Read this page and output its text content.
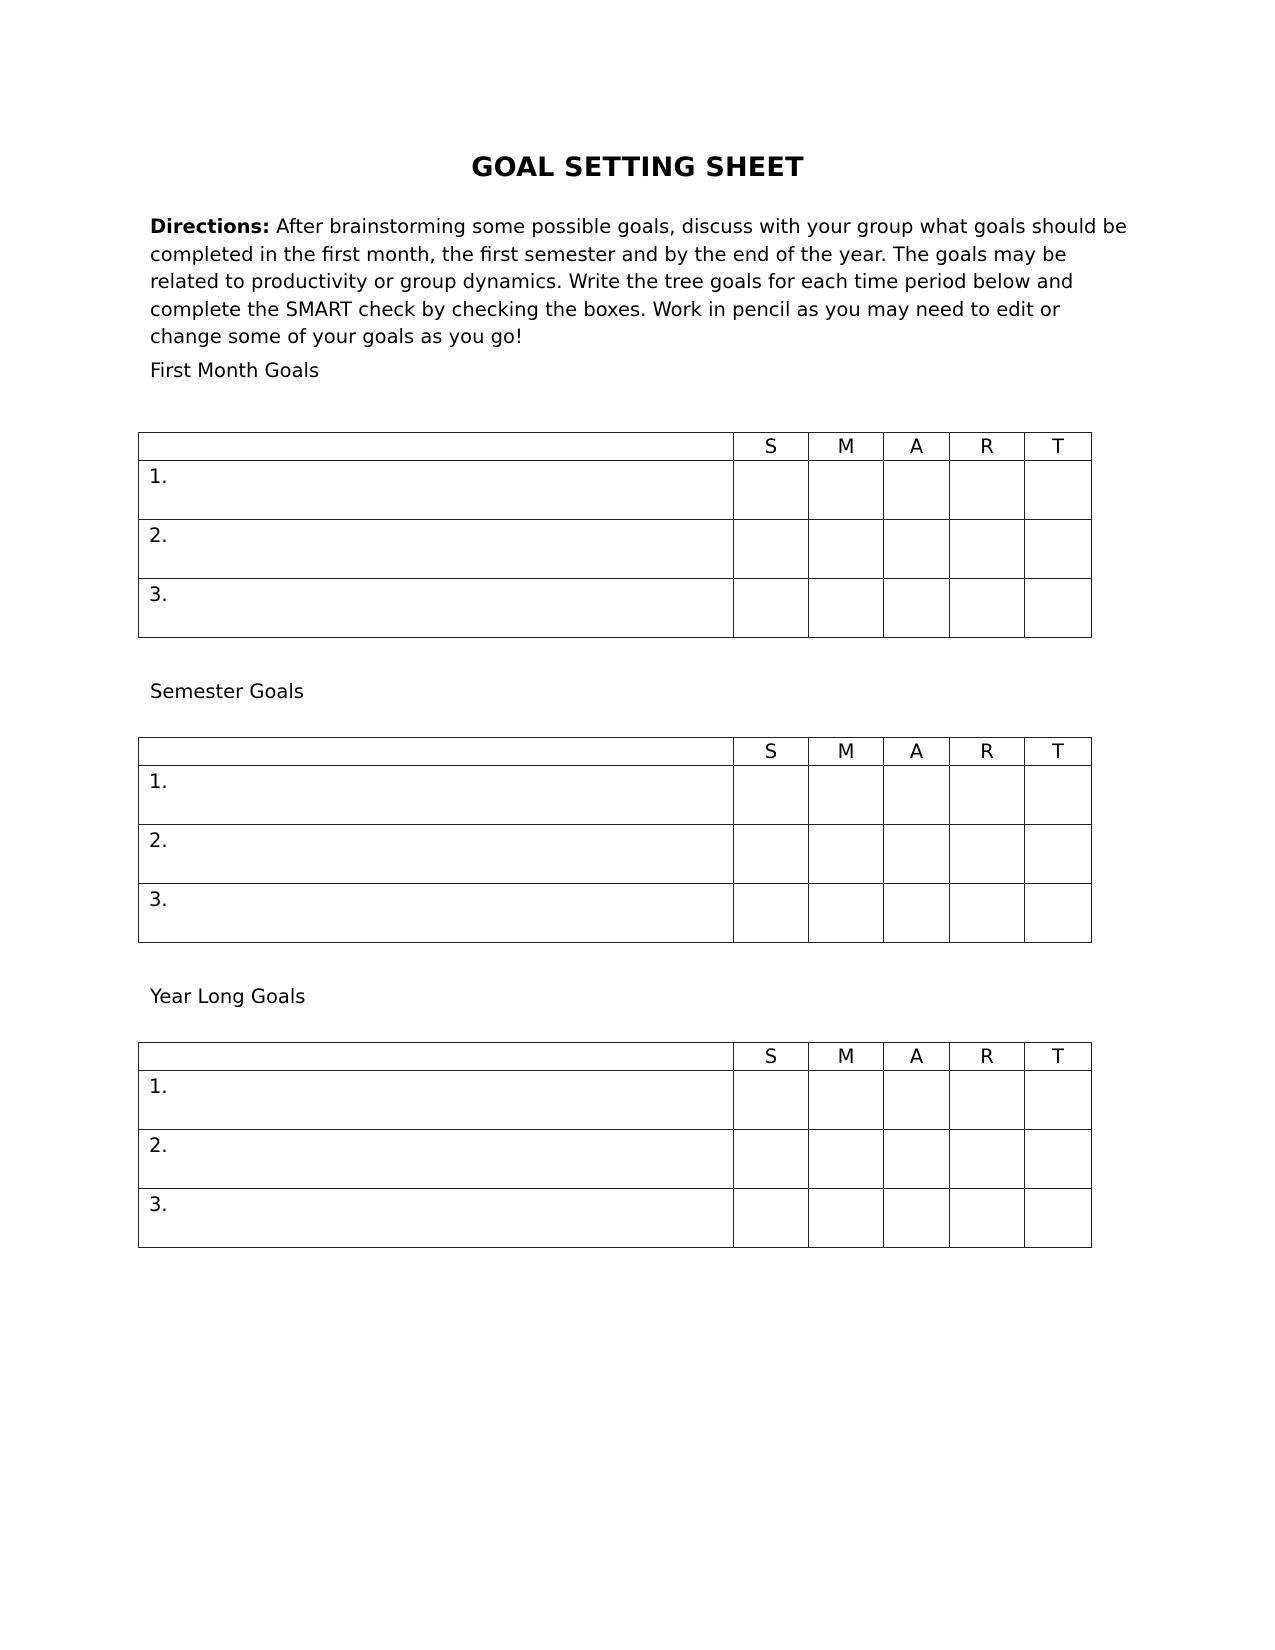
GOAL SETTING SHEET
Directions: After brainstorming some possible goals, discuss with your group what goals should be completed in the first month, the first semester and by the end of the year. The goals may be related to productivity or group dynamics. Write the tree goals for each time period below and complete the SMART check by checking the boxes. Work in pencil as you may need to edit or change some of your goals as you go!
First Month Goals
	S	M	A	R	T
1.					
2.					
3.					
Semester Goals
	S	M	A	R	T
1.					
2.					
3.					
Year Long Goals
	S	M	A	R	T
1.					
2.					
3.					
